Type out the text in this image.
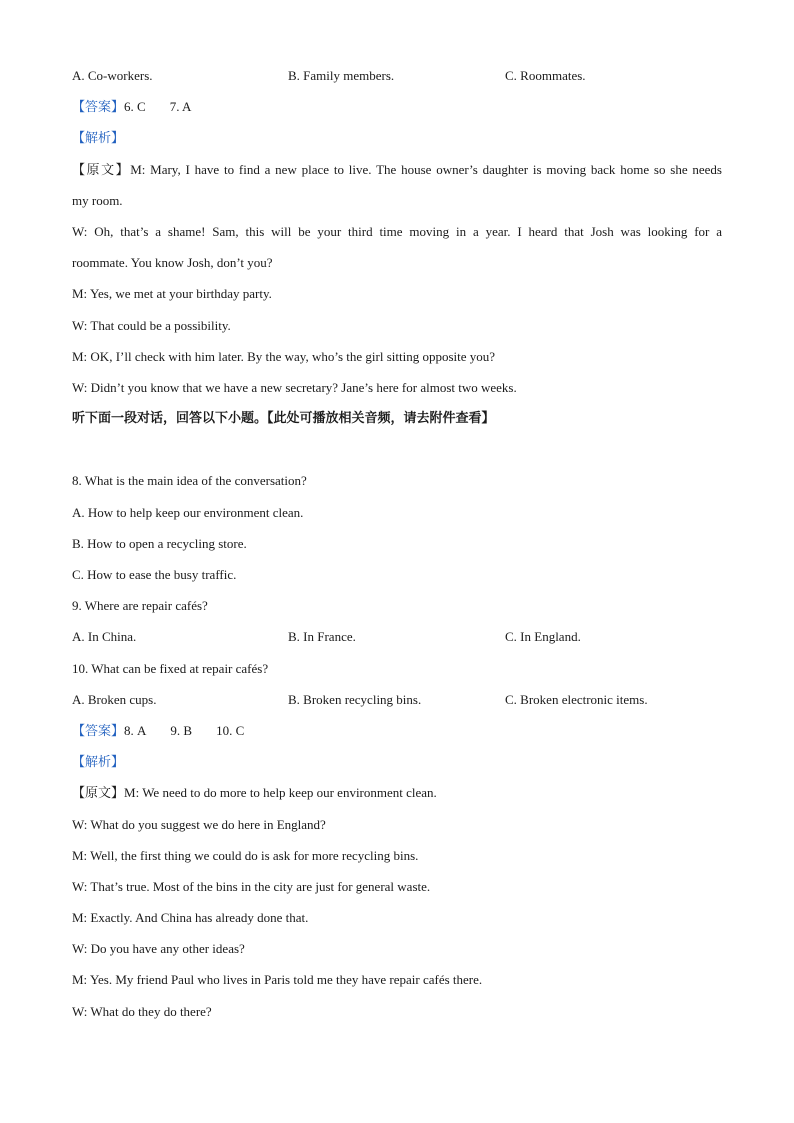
A. Co-workers.	B. Family members.	C. Roommates.
【答案】6. C 7. A
【解析】
【原文】M: Mary, I have to find a new place to live. The house owner’s daughter is moving back home so she needs
my room.
W: Oh, that’s a shame! Sam, this will be your third time moving in a year. I heard that Josh was looking for a
roommate. You know Josh, don’t you?
M: Yes, we met at your birthday party.
W: That could be a possibility.
M: OK, I’ll check with him later. By the way, who’s the girl sitting opposite you?
W: Didn’t you know that we have a new secretary? Jane’s here for almost two weeks.
听下面一段对话，回答以下小题。【此处可播放相关音频，请去附件查看】
8. What is the main idea of the conversation?
A. How to help keep our environment clean.
B. How to open a recycling store.
C. How to ease the busy traffic.
9. Where are repair cafés?
A. In China.	B. In France.	C. In England.
10. What can be fixed at repair cafés?
A. Broken cups.	B. Broken recycling bins.	C. Broken electronic items.
【答案】8. A 9. B 10. C
【解析】
【原文】M: We need to do more to help keep our environment clean.
W: What do you suggest we do here in England?
M: Well, the first thing we could do is ask for more recycling bins.
W: That’s true. Most of the bins in the city are just for general waste.
M: Exactly. And China has already done that.
W: Do you have any other ideas?
M: Yes. My friend Paul who lives in Paris told me they have repair cafés there.
W: What do they do there?
